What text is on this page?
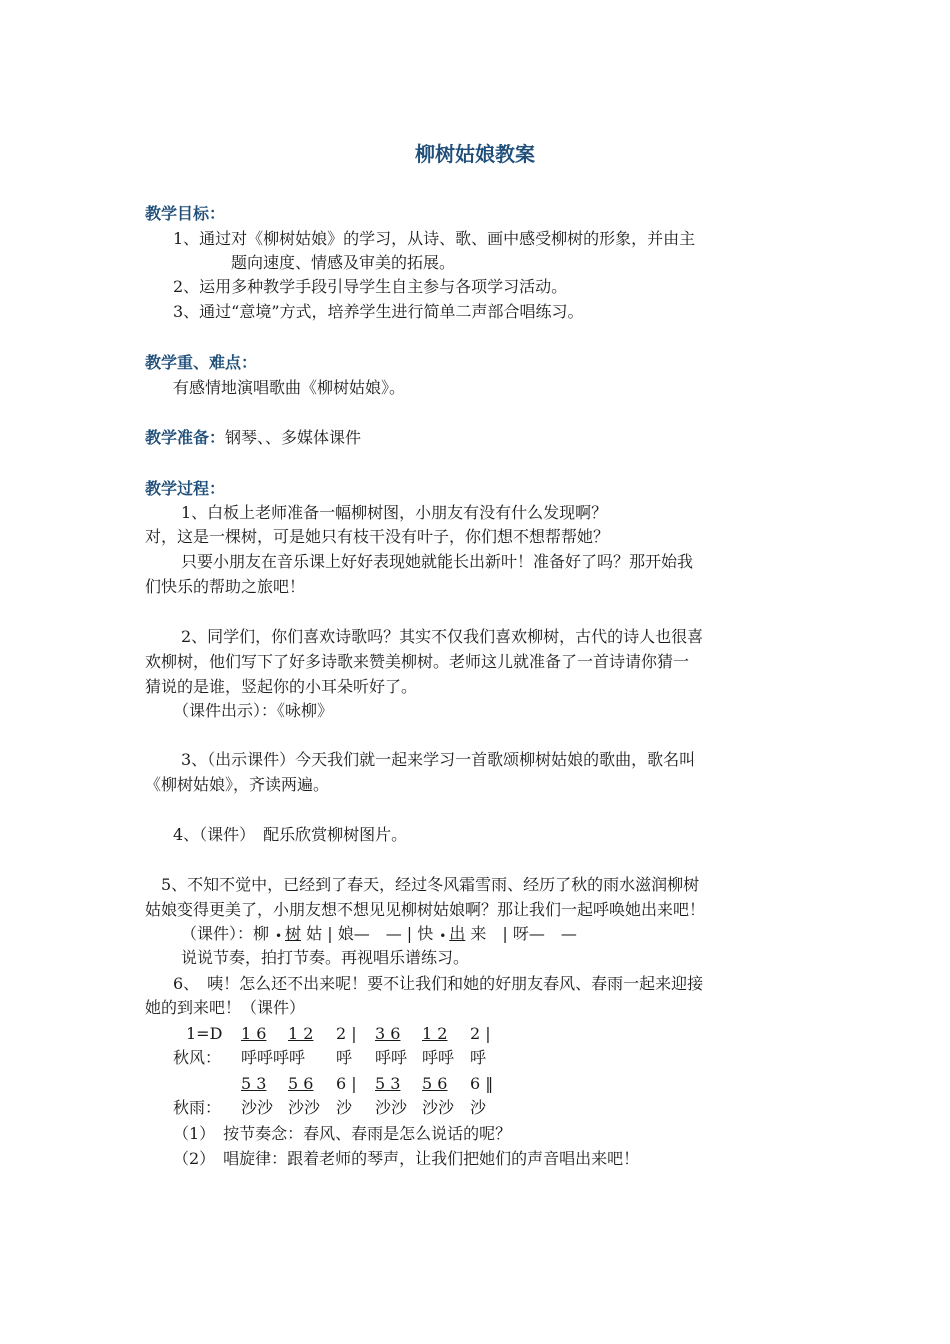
柳树姑娘教案
教学目标：
1、通过对《柳树姑娘》的学习，从诗、歌、画中感受柳树的形象，并由主
题向速度、情感及审美的拓展。
2、运用多种教学手段引导学生自主参与各项学习活动。
3、通过“意境”方式，培养学生进行简单二声部合唱练习。
教学重、难点：
有感情地演唱歌曲《柳树姑娘》。
教学准备：钢琴、、多媒体课件
教学过程：
1、白板上老师准备一幅柳树图，小朋友有没有什么发现啊？
对，这是一棵树，可是她只有枝干没有叶子，你们想不想帮帮她？
只要小朋友在音乐课上好好表现她就能长出新叶！准备好了吗？那开始我
们快乐的帮助之旅吧！
2、同学们，你们喜欢诗歌吗？其实不仅我们喜欢柳树，古代的诗人也很喜
欢柳树，他们写下了好多诗歌来赞美柳树。老师这儿就准备了一首诗请你猜一
猜说的是谁，竖起你的小耳朵听好了。
（课件出示）：《咏柳》
3、（出示课件）今天我们就一起来学习一首歌颂柳树姑娘的歌曲，歌名叫
《柳树姑娘》，齐读两遍。
4、（课件）　配乐欣赏柳树图片。
5、不知不觉中，已经到了春天，经过冬风霜雪雨、经历了秋的雨水滋润柳树
姑娘变得更美了，小朋友想不想见见柳树姑娘啊？那让我们一起呼唤她出来吧！
（课件）：柳　• 树 姑 | 娘—　— | 快　• 出 来　| 呀—　—
说说节奏，拍打节奏。再视唱乐谱练习。
6、　咦！怎么还不出来呢！要不让我们和她的好朋友春风、春雨一起来迎接
她的到来吧！（课件）
1=D 1 6 1 2 2 | 3 6 1 2 2 |
秋风： 呼呼呼呼 呼 呼呼 呼呼 呼
5 3 5 6 6 | 5 3 5 6 6 ‖
秋雨： 沙沙 沙沙 沙 沙沙 沙沙 沙
（1）　按节奏念：春风、春雨是怎么说话的呢？
（2）　唱旋律：跟着老师的琴声，让我们把她们的声音唱出来吧！
